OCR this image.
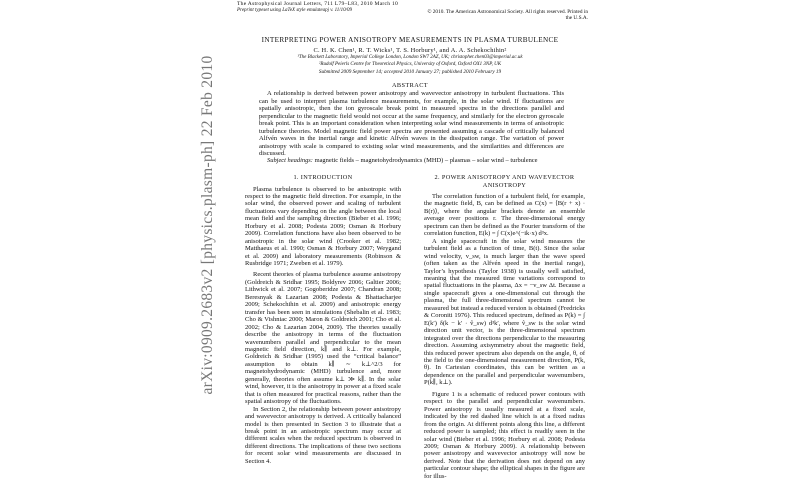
arXiv:0909.2683v2 [physics.plasm-ph] 22 Feb 2010
The Astrophysical Journal Letters, 711 L79–L83, 2010 March 10
Preprint typeset using LaTeX style emulateapj v. 11/10/09	© 2010. The American Astronomical Society. All rights reserved. Printed in the U.S.A.
INTERPRETING POWER ANISOTROPY MEASUREMENTS IN PLASMA TURBULENCE
C. H. K. Chen¹, R. T. Wicks¹, T. S. Horbury¹, and A. A. Schekochihin²
¹The Blackett Laboratory, Imperial College London, London SW7 2AZ, UK; christopher.chen03@imperial.ac.uk
²Rudolf Peierls Centre for Theoretical Physics, University of Oxford, Oxford OX1 3NP, UK
Submitted 2009 September 14; accepted 2010 January 27; published 2010 February 19
ABSTRACT
A relationship is derived between power anisotropy and wavevector anisotropy in turbulent fluctuations. This can be used to interpret plasma turbulence measurements, for example, in the solar wind. If fluctuations are spatially anisotropic, then the ion gyroscale break point in measured spectra in the directions parallel and perpendicular to the magnetic field would not occur at the same frequency, and similarly for the electron gyroscale break point. This is an important consideration when interpreting solar wind measurements in terms of anisotropic turbulence theories. Model magnetic field power spectra are presented assuming a cascade of critically balanced Alfvén waves in the inertial range and kinetic Alfvén waves in the dissipation range. The variation of power anisotropy with scale is compared to existing solar wind measurements, and the similarities and differences are discussed.
Subject headings: magnetic fields – magnetohydrodynamics (MHD) – plasmas – solar wind – turbulence
1. INTRODUCTION

Plasma turbulence is observed to be anisotropic with respect to the magnetic field direction. For example, in the solar wind, the observed power and scaling of turbulent fluctuations vary depending on the angle between the local mean field and the sampling direction (Bieber et al. 1996; Horbury et al. 2008; Podesta 2009; Osman & Horbury 2009). Correlation functions have also been observed to be anisotropic in the solar wind (Crooker et al. 1982; Matthaeus et al. 1990; Osman & Horbury 2007; Weygand et al. 2009) and laboratory measurements (Robinson & Rusbridge 1971; Zweben et al. 1979).

Recent theories of plasma turbulence assume anisotropy (Goldreich & Sridhar 1995; Boldyrev 2006; Galtier 2006; Lithwick et al. 2007; Gogoberidze 2007; Chandran 2008; Beresnyak & Lazarian 2008; Podesta & Bhattacharjee 2009; Schekochihin et al. 2009) and anisotropic energy transfer has been seen in simulations (Shebalin et al. 1983; Cho & Vishniac 2000; Maron & Goldreich 2001; Cho et al. 2002; Cho & Lazarian 2004, 2009). The theories usually describe the anisotropy in terms of the fluctuation wavenumbers parallel and perpendicular to the mean magnetic field direction, k∥ and k⊥. For example, Goldreich & Sridhar (1995) used the “critical balance” assumption to obtain k∥ ∼ k⊥^2/3 for magnetohydrodynamic (MHD) turbulence and, more generally, theories often assume k⊥ ≫ k∥. In the solar wind, however, it is the anisotropy in power at a fixed scale that is often measured for practical reasons, rather than the spatial anisotropy of the fluctuations.

In Section 2, the relationship between power anisotropy and wavevector anisotropy is derived. A critically balanced model is then presented in Section 3 to illustrate that a break point in an anisotropic spectrum may occur at different scales when the reduced spectrum is observed in different directions. The implications of these two sections for recent solar wind measurements are discussed in Section 4.

2. POWER ANISOTROPY AND WAVEVECTOR
ANISOTROPY

The correlation function of a turbulent field, for example, the magnetic field, B, can be defined as C(x) = ⟨B(r + x) · B(r)⟩, where the angular brackets denote an ensemble average over positions r. The three-dimensional energy spectrum can then be defined as the Fourier transform of the correlation function, E(k) = ∫ C(x)e^(−ik·x) d³x.

A single spacecraft in the solar wind measures the turbulent field as a function of time, B(t). Since the solar wind velocity, v_sw, is much larger than the wave speed (often taken as the Alfvén speed in the inertial range), Taylor’s hypothesis (Taylor 1938) is usually well satisfied, meaning that the measured time variations correspond to spatial fluctuations in the plasma, Δx = −v_sw Δt. Because a single spacecraft gives a one-dimensional cut through the plasma, the full three-dimensional spectrum cannot be measured but instead a reduced version is obtained (Fredricks & Coroniti 1976). This reduced spectrum, defined as P(k) = ∫ E(k′) δ(k − k′ · v̂_sw) d³k′, where v̂_sw is the solar wind direction unit vector, is the three-dimensional spectrum integrated over the directions perpendicular to the measuring direction. Assuming axisymmetry about the magnetic field, this reduced power spectrum also depends on the angle, θ, of the field to the one-dimensional measurement direction, P(k, θ). In Cartesian coordinates, this can be written as a dependence on the parallel and perpendicular wavenumbers, P(k∥, k⊥).

Figure 1 is a schematic of reduced power contours with respect to the parallel and perpendicular wavenumbers. Power anisotropy is usually measured at a fixed scale, indicated by the red dashed line which is at a fixed radius from the origin. At different points along this line, a different reduced power is sampled; this effect is readily seen in the solar wind (Bieber et al. 1996; Horbury et al. 2008; Podesta 2009; Osman & Horbury 2009). A relationship between power anisotropy and wavevector anisotropy will now be derived. Note that the derivation does not depend on any particular contour shape; the elliptical shapes in the figure are for illus-
